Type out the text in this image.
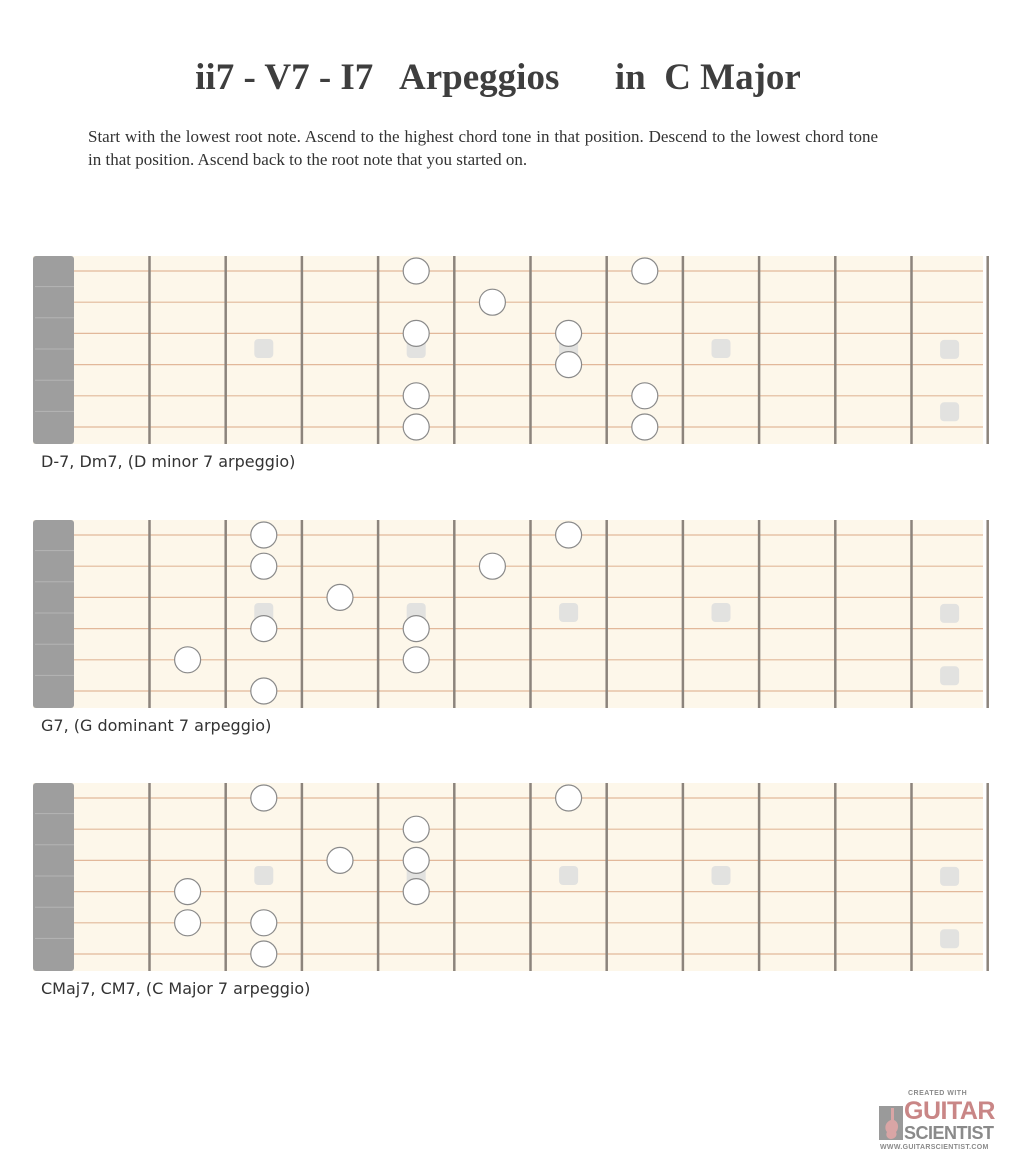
ii7 - V7 - I7   Arpeggios      in  C Major

Start with the lowest root note. Ascend to the highest chord tone in that position. Descend to the lowest chord tone in that position. Ascend back to the root note that you started on.

D-7, Dm7, (D minor 7 arpeggio)
G7, (G dominant 7 arpeggio)
CMaj7, CM7, (C Major 7 arpeggio)
CREATED WITH
GUITAR
SCIENTIST
WWW.GUITARSCIENTIST.COM
